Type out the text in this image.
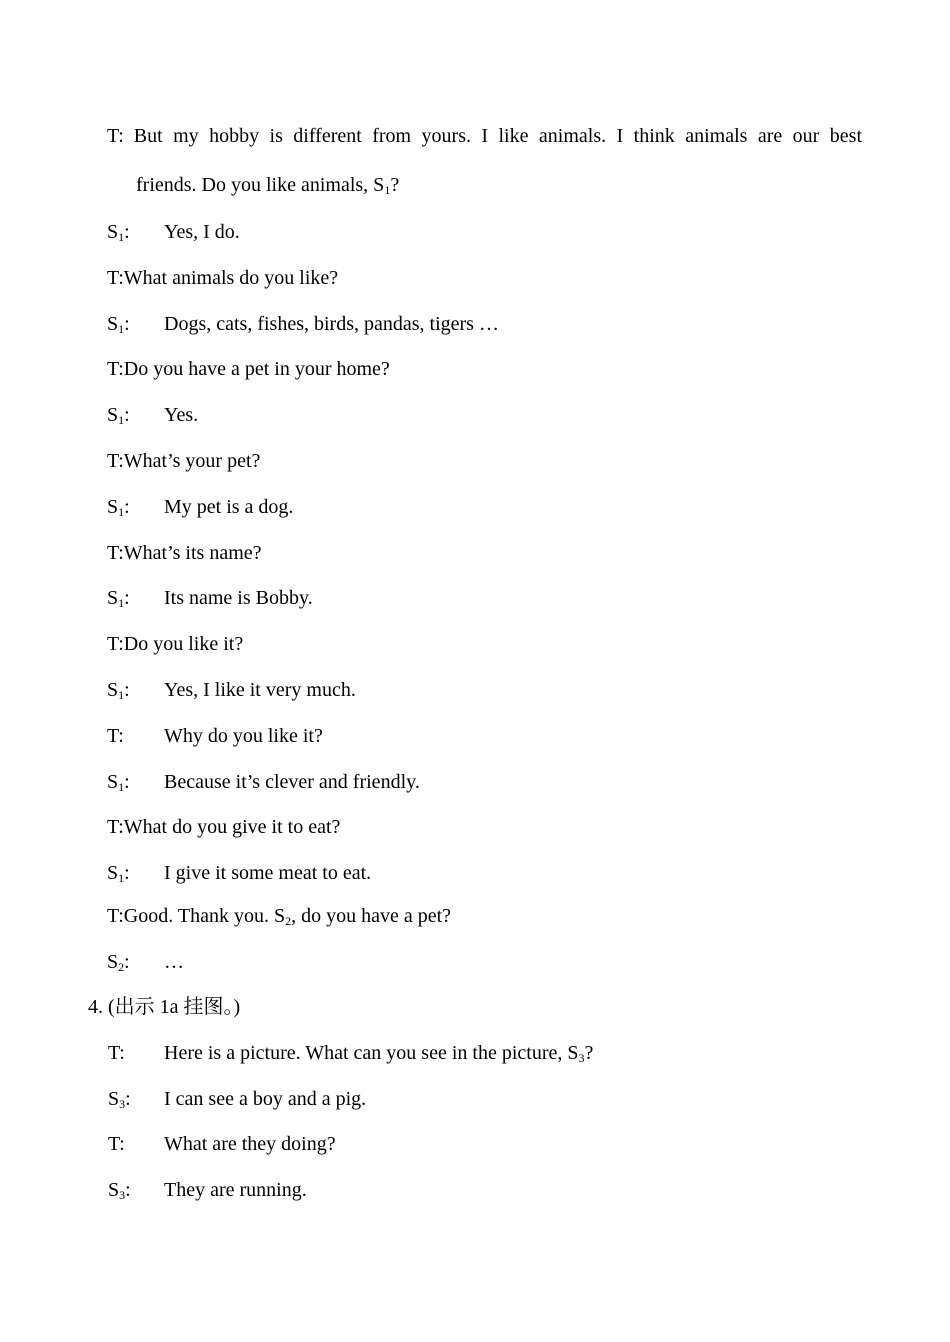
T: But my hobby is different from yours. I like animals. I think animals are our best
friends. Do you like animals, $S_1$?
$S_1$: Yes, I do.
T:What animals do you like?
$S_1$: Dogs, cats, fishes, birds, pandas, tigers …
T:Do you have a pet in your home?
$S_1$: Yes.
T:What’s your pet?
$S_1$: My pet is a dog.
T:What’s its name?
$S_1$: Its name is Bobby.
T:Do you like it?
$S_1$: Yes, I like it very much.
T: Why do you like it?
$S_1$: Because it’s clever and friendly.
T:What do you give it to eat?
$S_1$: I give it some meat to eat.
T:Good. Thank you. $S_2$, do you have a pet?
$S_2$: …
4. (出示 1a 挂图。)
T: Here is a picture. What can you see in the picture, $S_3$?
$S_3$: I can see a boy and a pig.
T: What are they doing?
$S_3$: They are running.
